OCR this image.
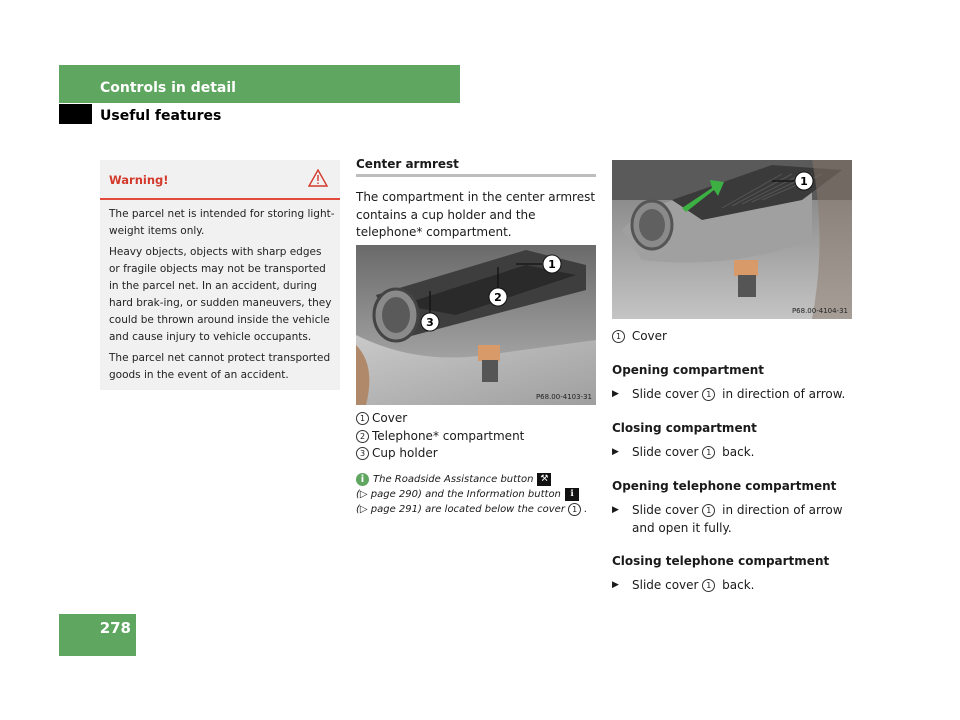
Controls in detail
Useful features
278
Warning!

The parcel net is intended for storing light-weight items only.

Heavy objects, objects with sharp edges or fragile objects may not be transported in the parcel net. In an accident, during hard brak-ing, or sudden maneuvers, they could be thrown around inside the vehicle and cause injury to vehicle occupants.

The parcel net cannot protect transported goods in the event of an accident.

Center armrest
The compartment in the center armrest contains a cup holder and the telephone* compartment.
1
2
3
P68.00-4103-31
1 Cover
2 Telephone* compartment
3 Cup holder
i The Roadside Assistance button ⚒
(▷ page 290) and the Information button ℹ
(▷ page 291) are located below the cover 1 .
1
P68.00-4104-31
1 Cover
Opening compartment
▶	Slide cover 1 in direction of arrow.
Closing compartment
▶	Slide cover 1 back.
Opening telephone compartment
▶	Slide cover 1 in direction of arrow and open it fully.
Closing telephone compartment
▶	Slide cover 1 back.
